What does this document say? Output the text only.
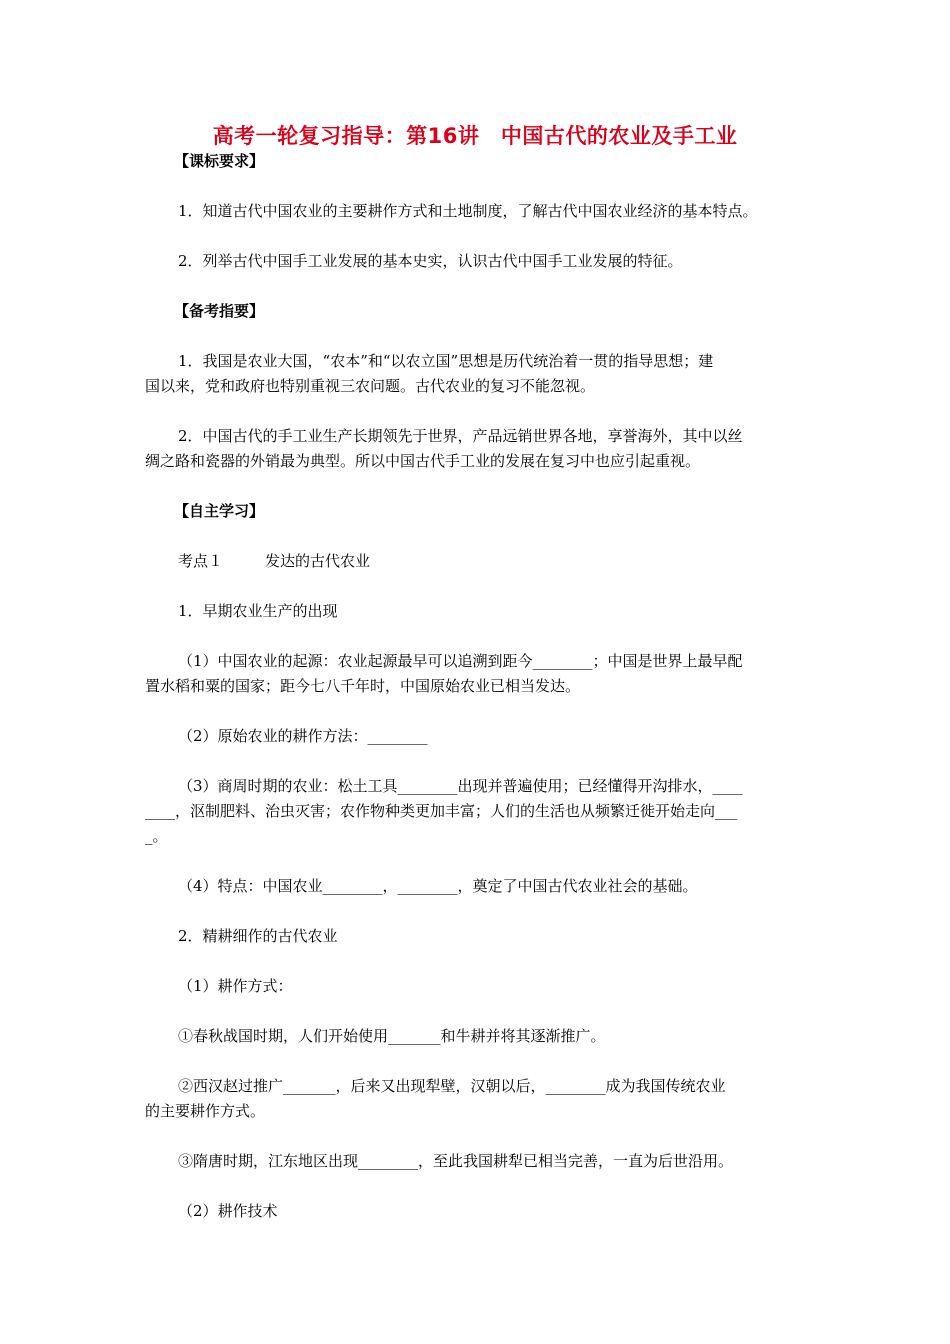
高考一轮复习指导：第16讲　中国古代的农业及手工业
【课标要求】
1．知道古代中国农业的主要耕作方式和土地制度，了解古代中国农业经济的基本特点。
2．列举古代中国手工业发展的基本史实，认识古代中国手工业发展的特征。
【备考指要】
1．我国是农业大国，“农本”和“以农立国”思想是历代统治着一贯的指导思想；建
国以来，党和政府也特别重视三农问题。古代农业的复习不能忽视。
2．中国古代的手工业生产长期领先于世界，产品远销世界各地，享誉海外，其中以丝
绸之路和瓷器的外销最为典型。所以中国古代手工业的发展在复习中也应引起重视。
【自主学习】
考点１	发达的古代农业
1．早期农业生产的出现
（1）中国农业的起源：农业起源最早可以追溯到距今________；中国是世界上最早配
置水稻和粟的国家；距今七八千年时，中国原始农业已相当发达。
（2）原始农业的耕作方法：________
（3）商周时期的农业：松土工具________出现并普遍使用；已经懂得开沟排水，____
____，沤制肥料、治虫灭害；农作物种类更加丰富；人们的生活也从频繁迁徙开始走向___
_。
（4）特点：中国农业________，________，奠定了中国古代农业社会的基础。
2．精耕细作的古代农业
（1）耕作方式：
①春秋战国时期，人们开始使用_______和牛耕并将其逐渐推广。
②西汉赵过推广_______，后来又出现犁壁，汉朝以后，________成为我国传统农业
的主要耕作方式。
③隋唐时期，江东地区出现________，至此我国耕犁已相当完善，一直为后世沿用。
（2）耕作技术
